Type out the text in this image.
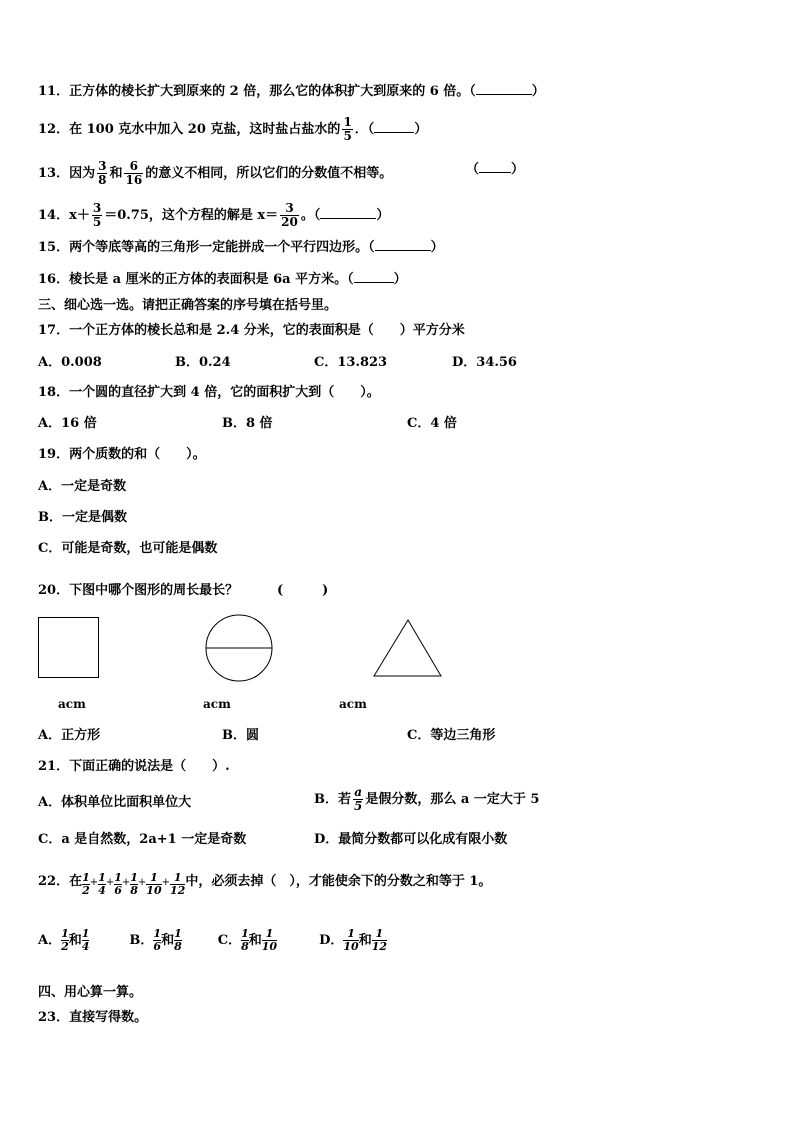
11．正方体的棱长扩大到原来的 2 倍，那么它的体积扩大到原来的 6 倍。（	）
12．在 100 克水中加入 20 克盐，这时盐占盐水的 $\frac{1}{5}$ ．（	）
13．因为 $\frac{3}{8}$ 和 $\frac{6}{16}$ 的意义不相同，所以它们的分数值不相等。	（ ）
14．$x+ \frac{3}{5} =0.75$，这个方程的解是 $x= \frac{3}{20}$ 。（	）
15．两个等底等高的三角形一定能拼成一个平行四边形。（	）
16．棱长是 a 厘米的正方体的表面积是 6a 平方米。（	）
三、细心选一选。请把正确答案的序号填在括号里。
17．一个正方体的棱长总和是 2.4 分米，它的表面积是（　　）平方分米
A．0.008	B．0.24	C．13.823	D．34.56
18．一个圆的直径扩大到 4 倍，它的面积扩大到（　　）。
A．16 倍	B．8 倍	C．4 倍
19．两个质数的和（　　）。
A．一定是奇数
B．一定是偶数
C．可能是奇数，也可能是偶数
20．下图中哪个图形的周长最长？	(　　　)
acm	acm	acm
A．正方形	B．圆	C．等边三角形
21．下面正确的说法是（　　）.
A．体积单位比面积单位大	B．若 $\frac{a}{5}$ 是假分数，那么 a 一定大于 5
C．a 是自然数，2a+1 一定是奇数	D．最简分数都可以化成有限小数
22．在 $\frac{1}{2} + \frac{1}{4} + \frac{1}{6} + \frac{1}{8} + \frac{1}{10} + \frac{1}{12}$ 中，必须去掉（　），才能使余下的分数之和等于 1。
A． $\frac{1}{2}$ 和 $\frac{1}{4}$	B． $\frac{1}{6}$ 和 $\frac{1}{8}$	C． $\frac{1}{8}$ 和 $\frac{1}{10}$	D． $\frac{1}{10}$ 和 $\frac{1}{12}$
四、用心算一算。
23．直接写得数。
